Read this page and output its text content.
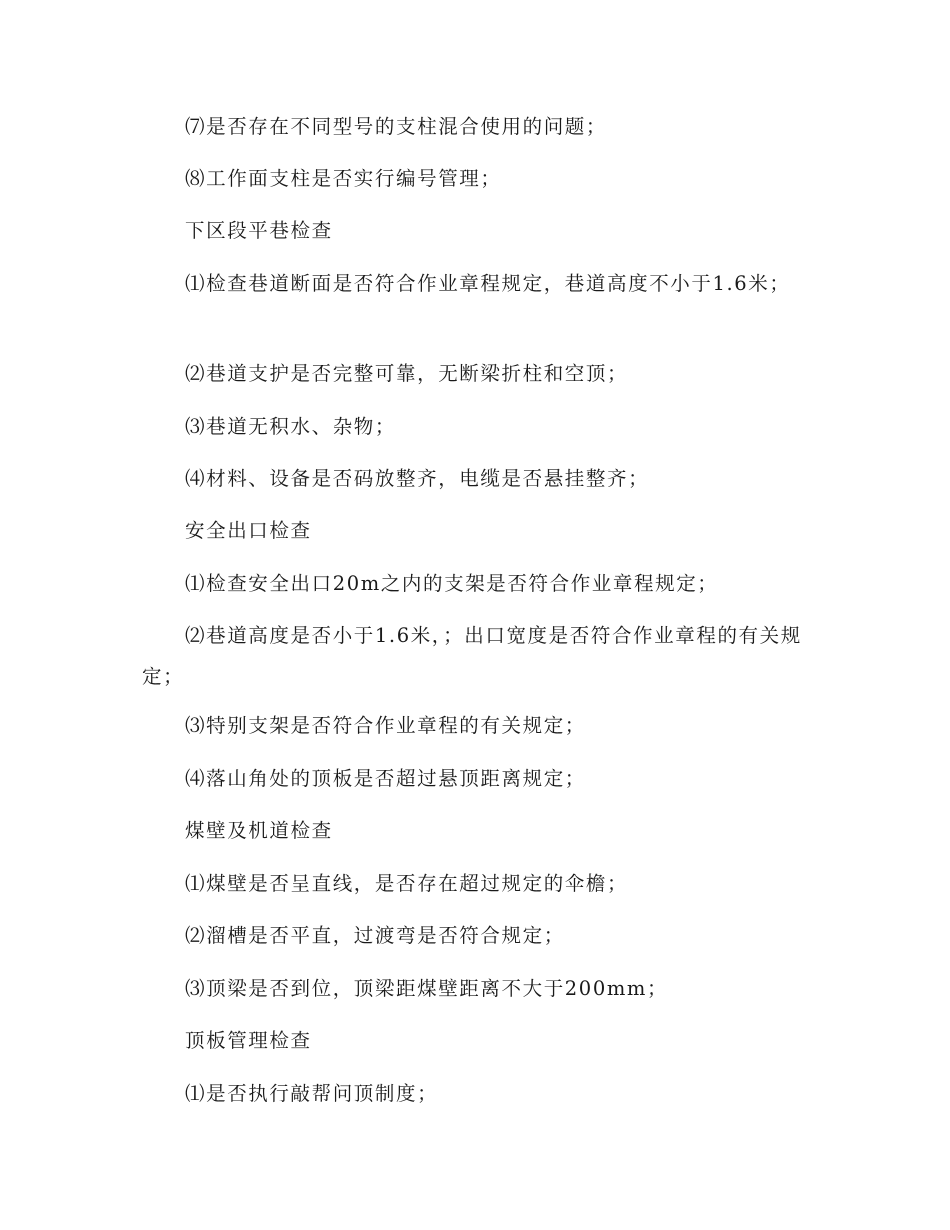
⑺是否存在不同型号的支柱混合使用的问题；

⑻工作面支柱是否实行编号管理；

下区段平巷检查

⑴检查巷道断面是否符合作业章程规定，巷道高度不小于1.6米；

⑵巷道支护是否完整可靠，无断梁折柱和空顶；

⑶巷道无积水、杂物；

⑷材料、设备是否码放整齐，电缆是否悬挂整齐；

安全出口检查

⑴检查安全出口20m之内的支架是否符合作业章程规定；

⑵巷道高度是否小于1.6米，；出口宽度是否符合作业章程的有关规定；

⑶特别支架是否符合作业章程的有关规定；

⑷落山角处的顶板是否超过悬顶距离规定；

煤壁及机道检查

⑴煤壁是否呈直线，是否存在超过规定的伞檐；

⑵溜槽是否平直，过渡弯是否符合规定；

⑶顶梁是否到位，顶梁距煤壁距离不大于200mm；

顶板管理检查

⑴是否执行敲帮问顶制度；
